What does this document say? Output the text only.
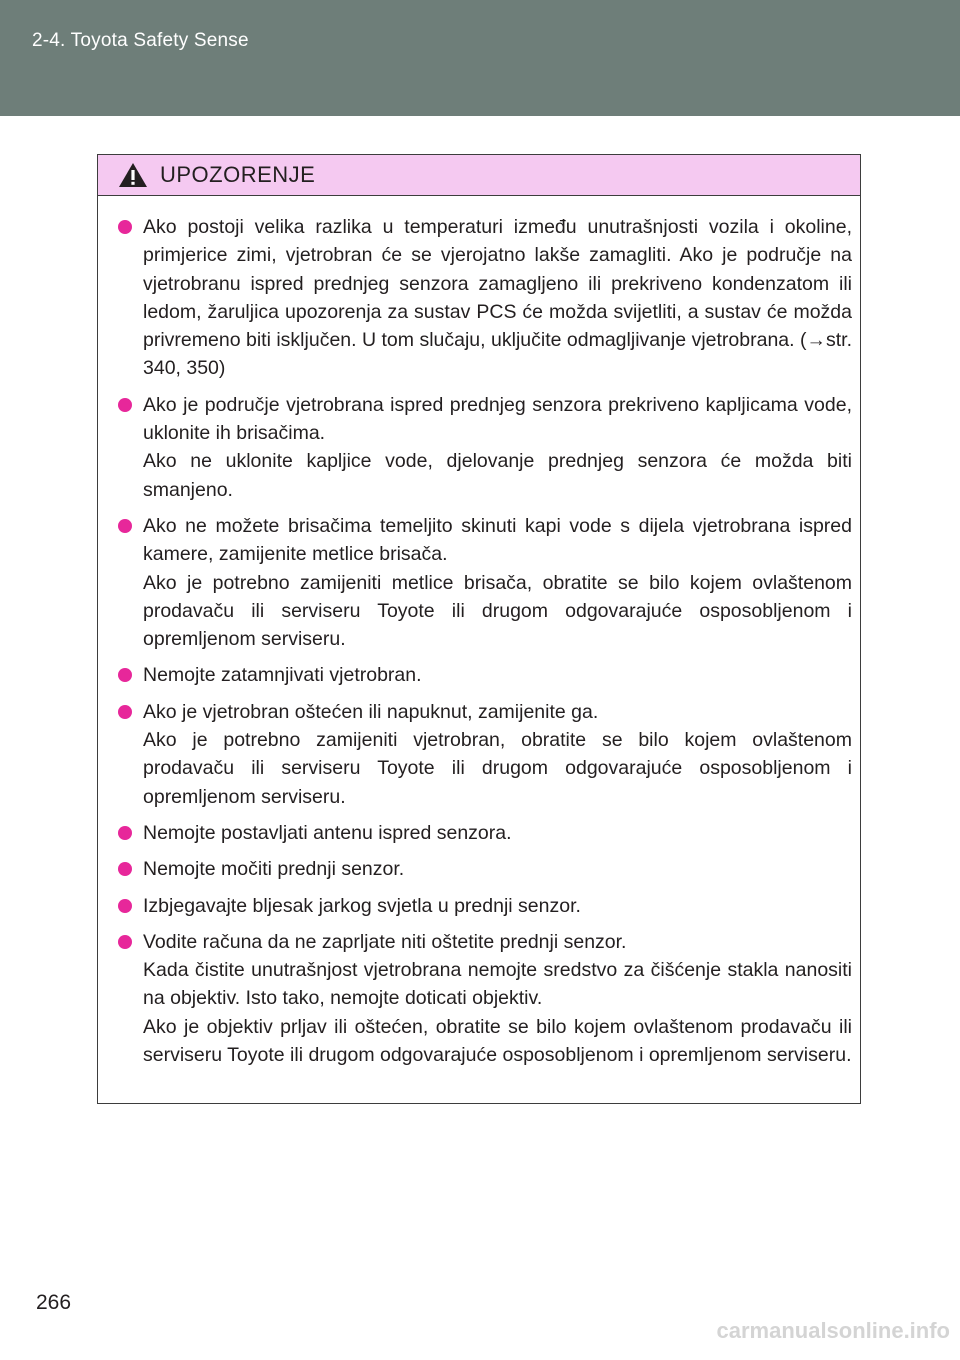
2-4. Toyota Safety Sense
UPOZORENJE

Ako postoji velika razlika u temperaturi između unutrašnjosti vozila i okoline, primjerice zimi, vjetrobran će se vjerojatno lakše zamagliti. Ako je područje na vjetrobranu ispred prednjeg senzora zamagljeno ili prekriveno kondenzatom ili ledom, žaruljica upozorenja za sustav PCS će možda svijetliti, a sustav će možda privremeno biti isključen. U tom slučaju, uključite odmagljivanje vjetrobrana. (→str. 340, 350)

Ako je područje vjetrobrana ispred prednjeg senzora prekriveno kapljicama vode, uklonite ih brisačima.

Ako ne uklonite kapljice vode, djelovanje prednjeg senzora će možda biti smanjeno.

Ako ne možete brisačima temeljito skinuti kapi vode s dijela vjetrobrana ispred kamere, zamijenite metlice brisača.

Ako je potrebno zamijeniti metlice brisača, obratite se bilo kojem ovlaštenom prodavaču ili serviseru Toyote ili drugom odgovarajuće osposobljenom i opremljenom serviseru.

Nemojte zatamnjivati vjetrobran.

Ako je vjetrobran oštećen ili napuknut, zamijenite ga.

Ako je potrebno zamijeniti vjetrobran, obratite se bilo kojem ovlaštenom prodavaču ili serviseru Toyote ili drugom odgovarajuće osposobljenom i opremljenom serviseru.

Nemojte postavljati antenu ispred senzora.

Nemojte močiti prednji senzor.

Izbjegavajte bljesak jarkog svjetla u prednji senzor.

Vodite računa da ne zaprljate niti oštetite prednji senzor.

Kada čistite unutrašnjost vjetrobrana nemojte sredstvo za čišćenje stakla nanositi na objektiv. Isto tako, nemojte doticati objektiv.

Ako je objektiv prljav ili oštećen, obratite se bilo kojem ovlaštenom prodavaču ili serviseru Toyote ili drugom odgovarajuće osposobljenom i opremljenom serviseru.

266
carmanualsonline.info
